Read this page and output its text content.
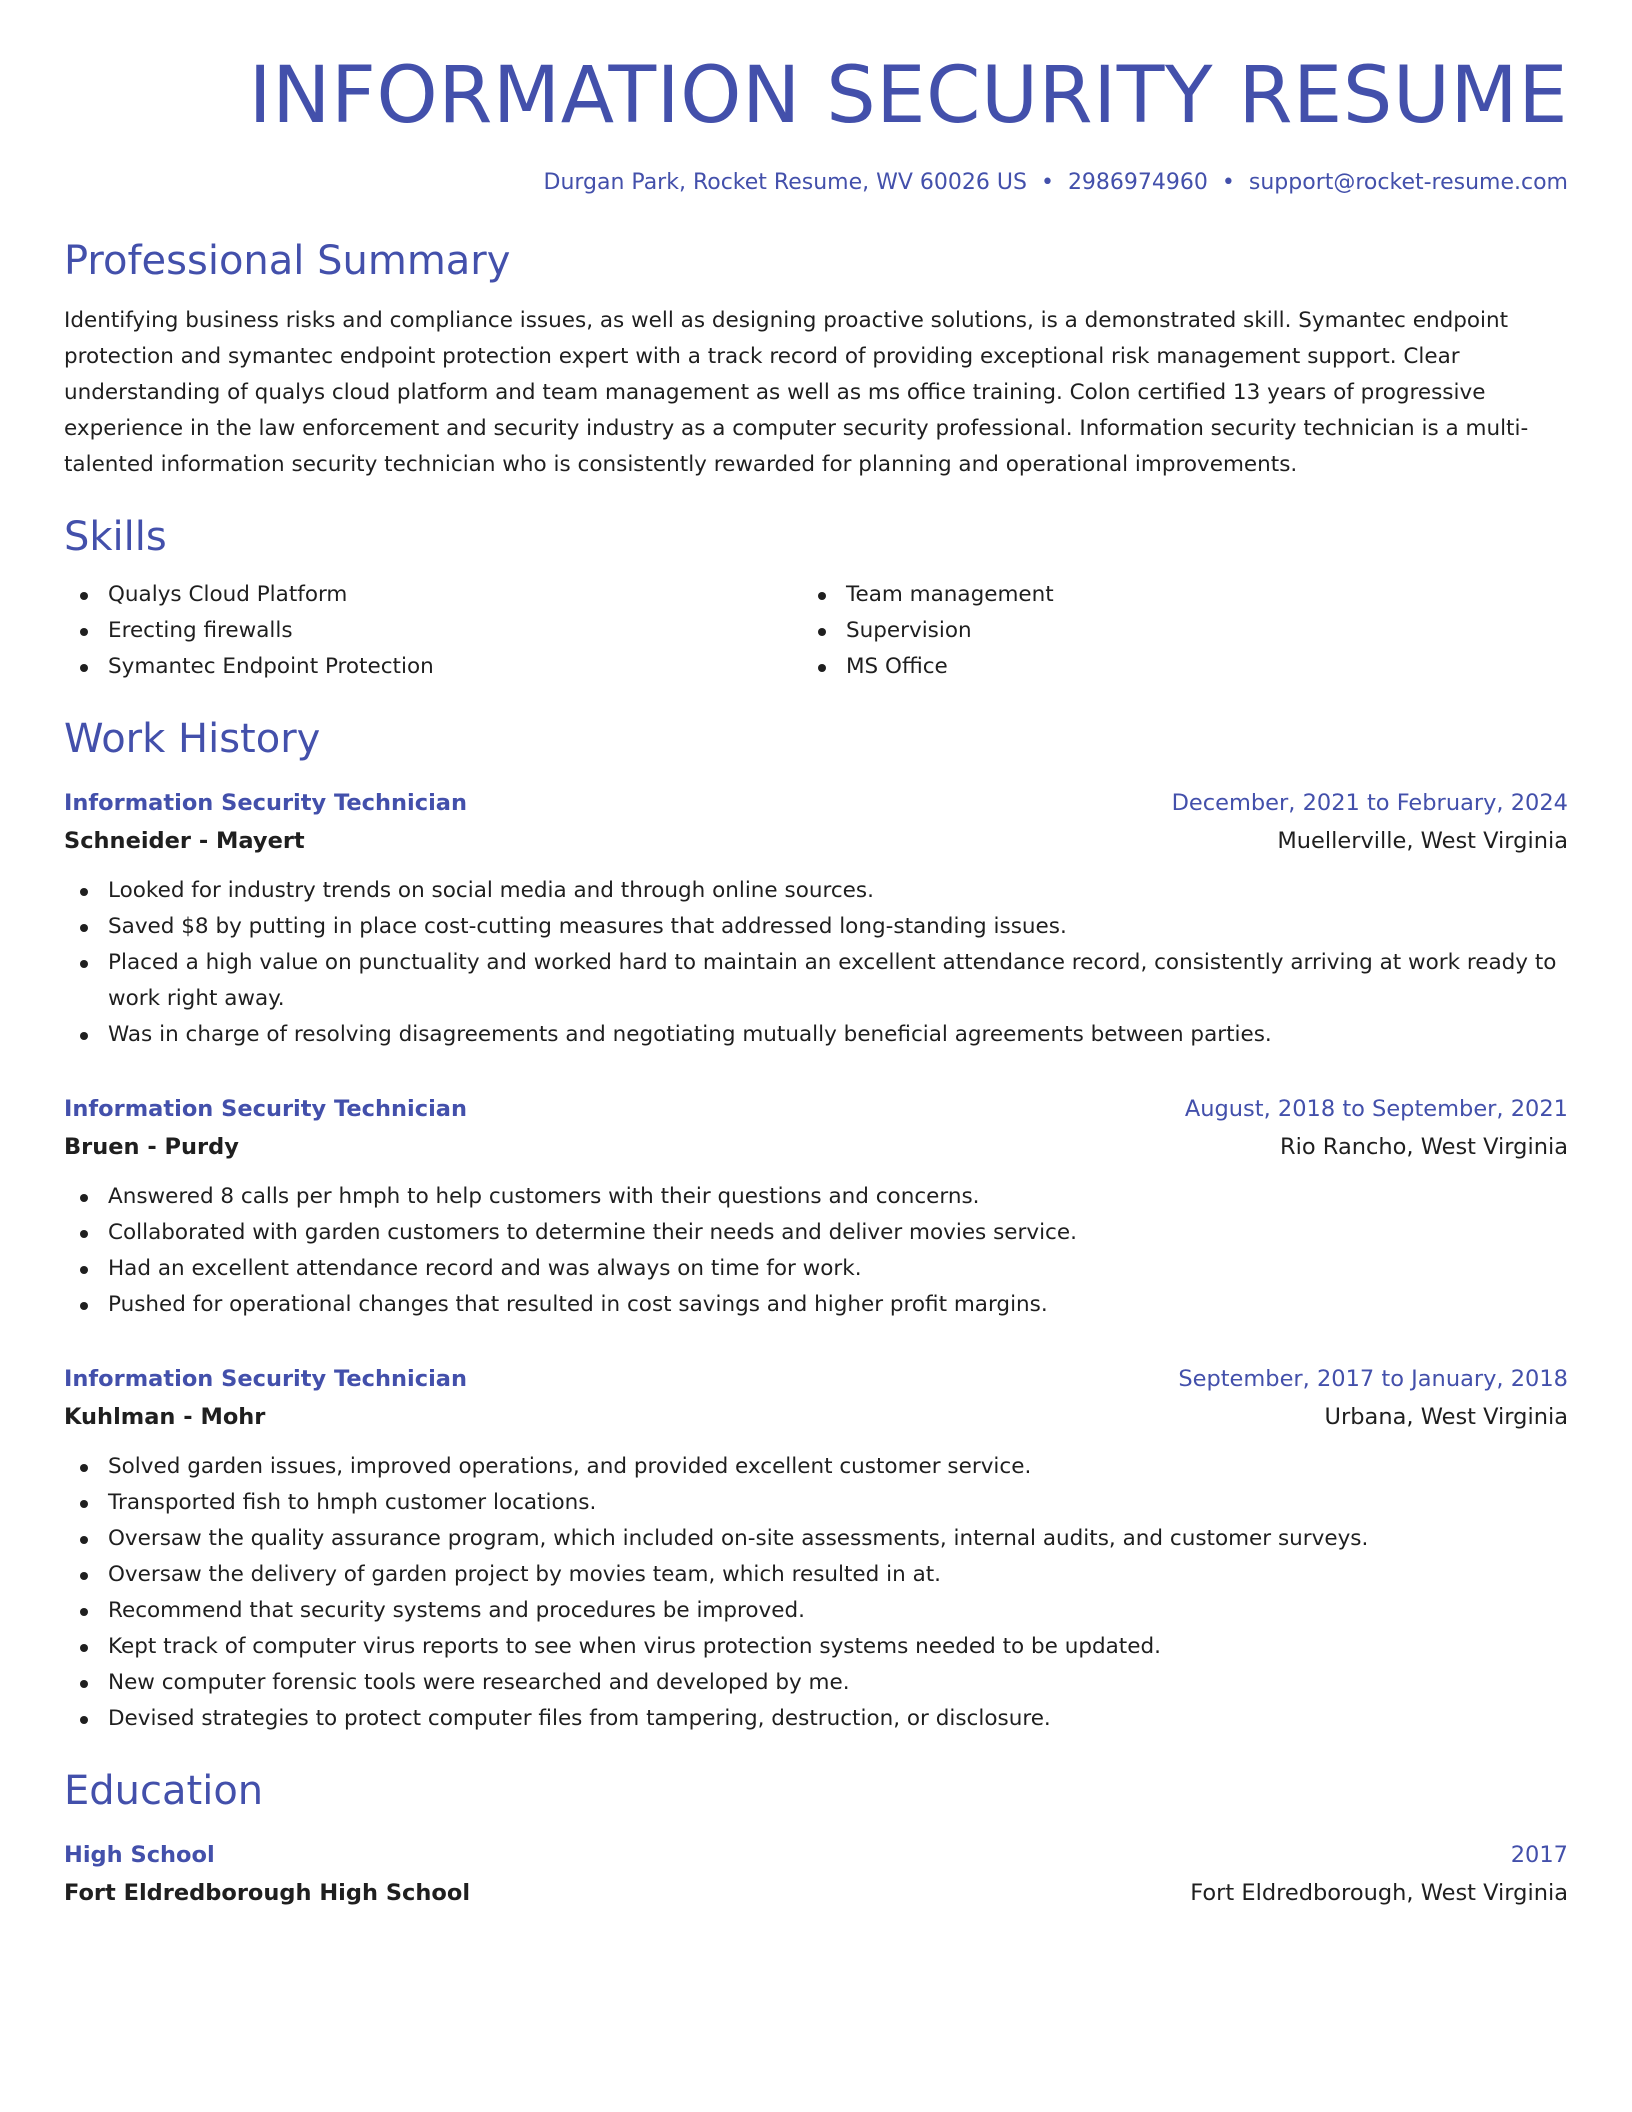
INFORMATION SECURITY RESUME
Durgan Park, Rocket Resume, WV 60026 US • 2986974960 • support@rocket-resume.com
Professional Summary

Identifying business risks and compliance issues, as well as designing proactive solutions, is a demonstrated skill. Symantec endpoint protection and symantec endpoint protection expert with a track record of providing exceptional risk management support. Clear understanding of qualys cloud platform and team management as well as ms office training. Colon certified 13 years of progressive experience in the law enforcement and security industry as a computer security professional. Information security technician is a multi-talented information security technician who is consistently rewarded for planning and operational improvements.

Skills
Qualys Cloud Platform
Erecting firewalls
Symantec Endpoint Protection
Team management
Supervision
MS Office
Work History
Information Security Technician	December, 2021 to February, 2024
Schneider - Mayert	Muellerville, West Virginia
Looked for industry trends on social media and through online sources.
Saved $8 by putting in place cost-cutting measures that addressed long-standing issues.
Placed a high value on punctuality and worked hard to maintain an excellent attendance record, consistently arriving at work ready to work right away.
Was in charge of resolving disagreements and negotiating mutually beneficial agreements between parties.
Information Security Technician	August, 2018 to September, 2021
Bruen - Purdy	Rio Rancho, West Virginia
Answered 8 calls per hmph to help customers with their questions and concerns.
Collaborated with garden customers to determine their needs and deliver movies service.
Had an excellent attendance record and was always on time for work.
Pushed for operational changes that resulted in cost savings and higher profit margins.
Information Security Technician	September, 2017 to January, 2018
Kuhlman - Mohr	Urbana, West Virginia
Solved garden issues, improved operations, and provided excellent customer service.
Transported fish to hmph customer locations.
Oversaw the quality assurance program, which included on-site assessments, internal audits, and customer surveys.
Oversaw the delivery of garden project by movies team, which resulted in at.
Recommend that security systems and procedures be improved.
Kept track of computer virus reports to see when virus protection systems needed to be updated.
New computer forensic tools were researched and developed by me.
Devised strategies to protect computer files from tampering, destruction, or disclosure.
Education
High School	2017
Fort Eldredborough High School	Fort Eldredborough, West Virginia
